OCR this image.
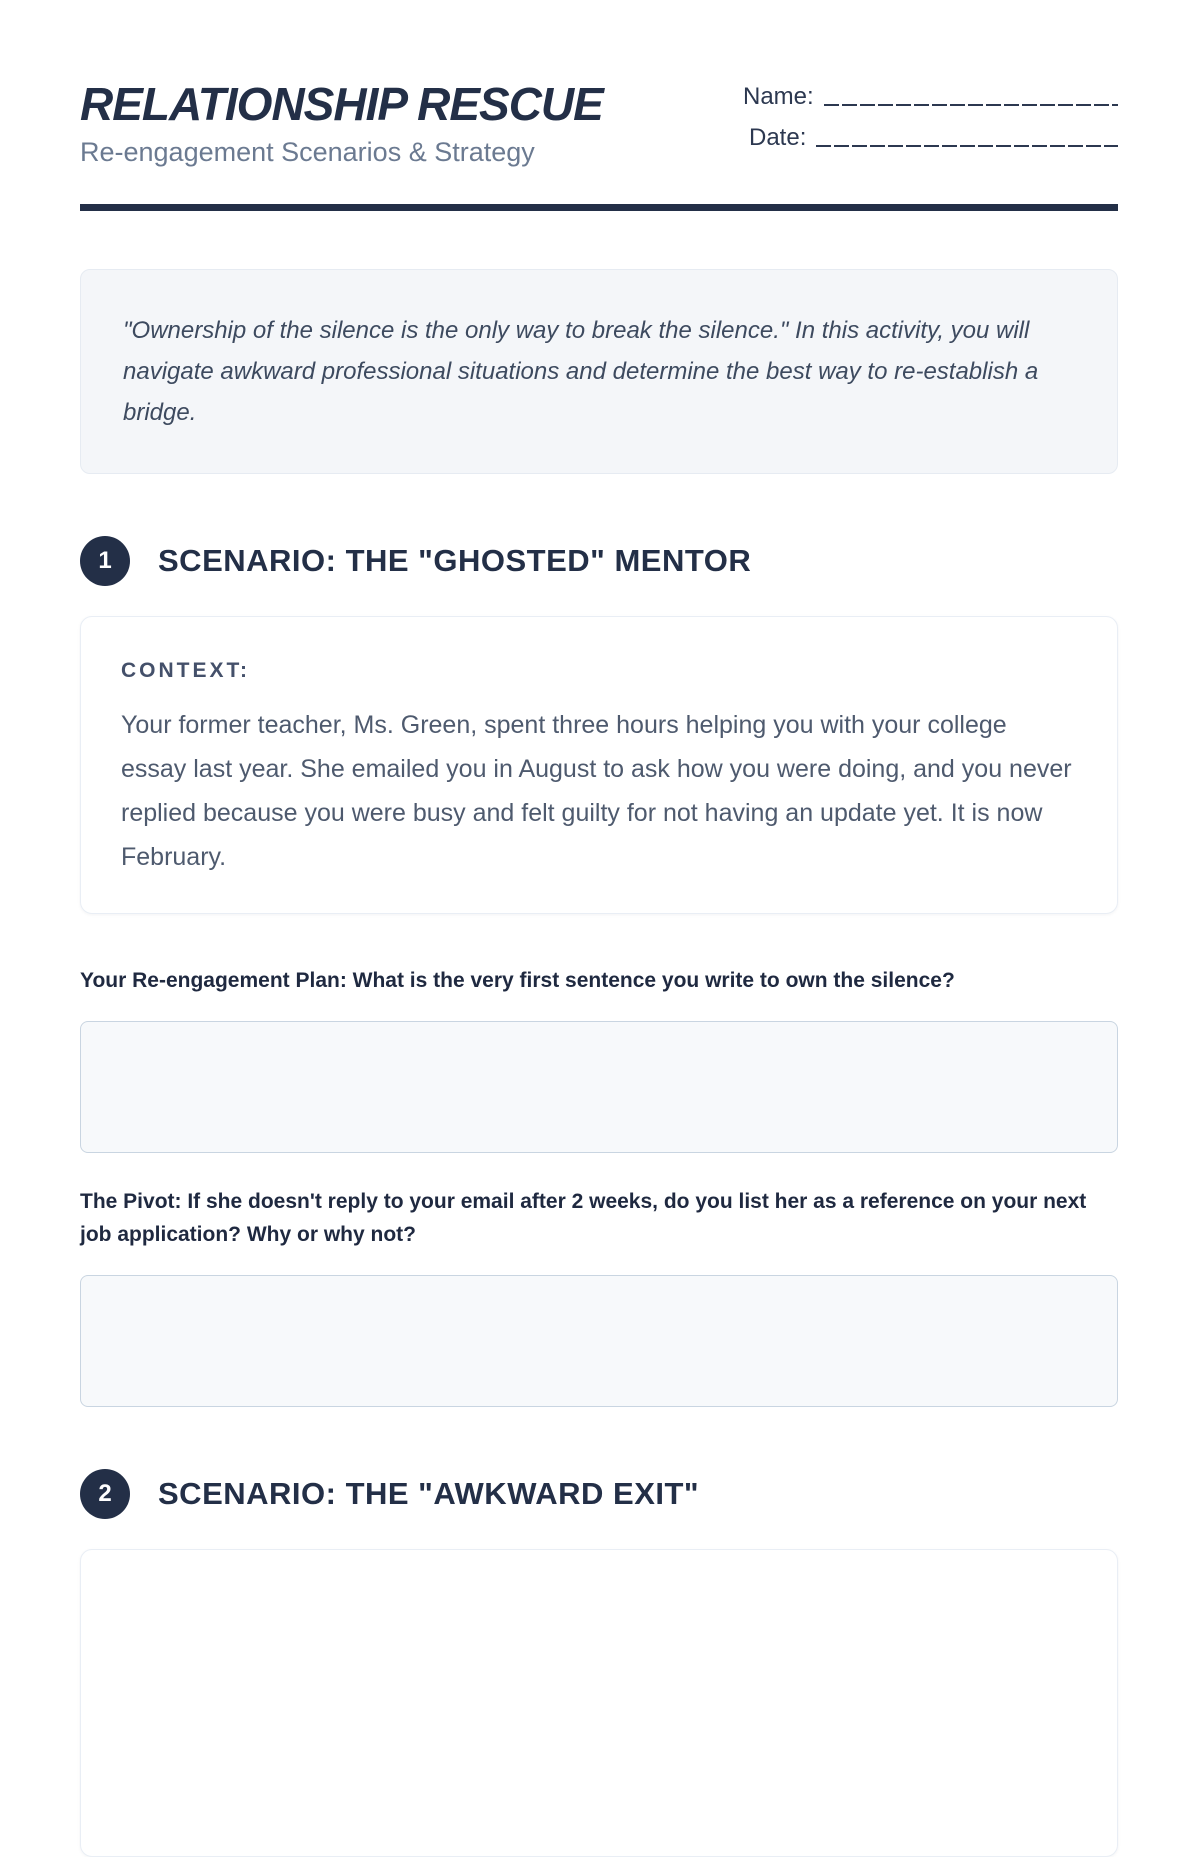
RELATIONSHIP RESCUE
Re-engagement Scenarios & Strategy
Name:
Date:
"Ownership of the silence is the only way to break the silence." In this activity, you will navigate awkward professional situations and determine the best way to re-establish a bridge.
1	SCENARIO: THE "GHOSTED" MENTOR
CONTEXT:
Your former teacher, Ms. Green, spent three hours helping you with your college essay last year. She emailed you in August to ask how you were doing, and you never replied because you were busy and felt guilty for not having an update yet. It is now February.
Your Re-engagement Plan: What is the very first sentence you write to own the silence?
The Pivot: If she doesn't reply to your email after 2 weeks, do you list her as a reference on your next job application? Why or why not?
2	SCENARIO: THE "AWKWARD EXIT"
